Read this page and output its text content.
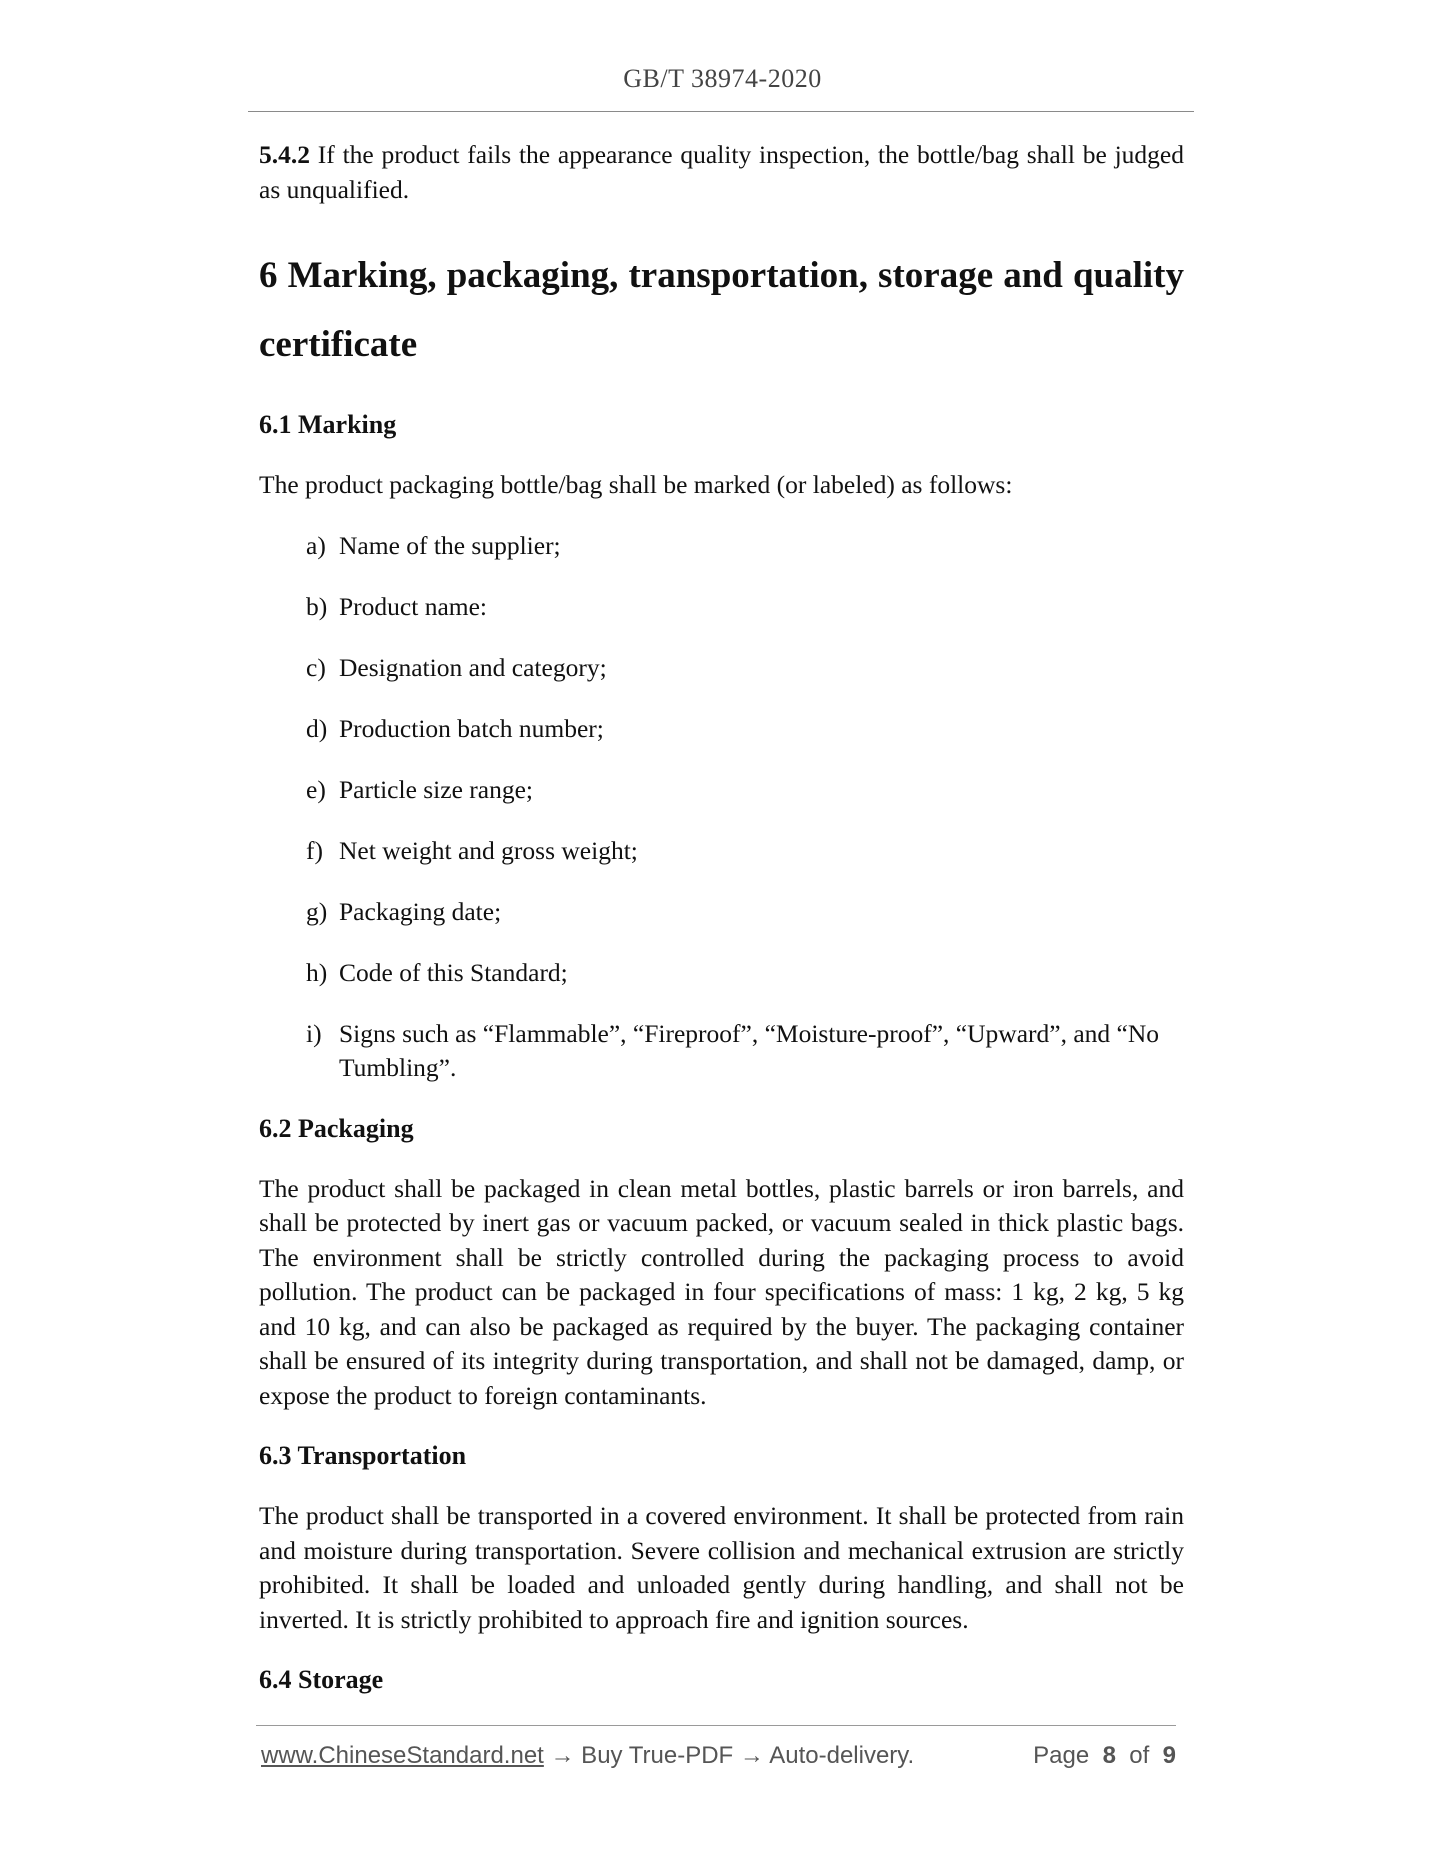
GB/T 38974-2020

5.4.2 If the product fails the appearance quality inspection, the bottle/bag shall be judged as unqualified.

6 Marking, packaging, transportation, storage and quality certificate
6.1 Marking

The product packaging bottle/bag shall be marked (or labeled) as follows:

a) Name of the supplier;
b) Product name:
c) Designation and category;
d) Production batch number;
e) Particle size range;
f) Net weight and gross weight;
g) Packaging date;
h) Code of this Standard;
i) Signs such as “Flammable”, “Fireproof”, “Moisture-proof”, “Upward”, and “No Tumbling”.
6.2 Packaging

The product shall be packaged in clean metal bottles, plastic barrels or iron barrels, and shall be protected by inert gas or vacuum packed, or vacuum sealed in thick plastic bags. The environment shall be strictly controlled during the packaging process to avoid pollution. The product can be packaged in four specifications of mass: 1 kg, 2 kg, 5 kg and 10 kg, and can also be packaged as required by the buyer. The packaging container shall be ensured of its integrity during transportation, and shall not be damaged, damp, or expose the product to foreign contaminants.

6.3 Transportation

The product shall be transported in a covered environment. It shall be protected from rain and moisture during transportation. Severe collision and mechanical extrusion are strictly prohibited. It shall be loaded and unloaded gently during handling, and shall not be inverted. It is strictly prohibited to approach fire and ignition sources.

6.4 Storage
www.ChineseStandard.net → Buy True-PDF → Auto-delivery.	Page 8 of 9
